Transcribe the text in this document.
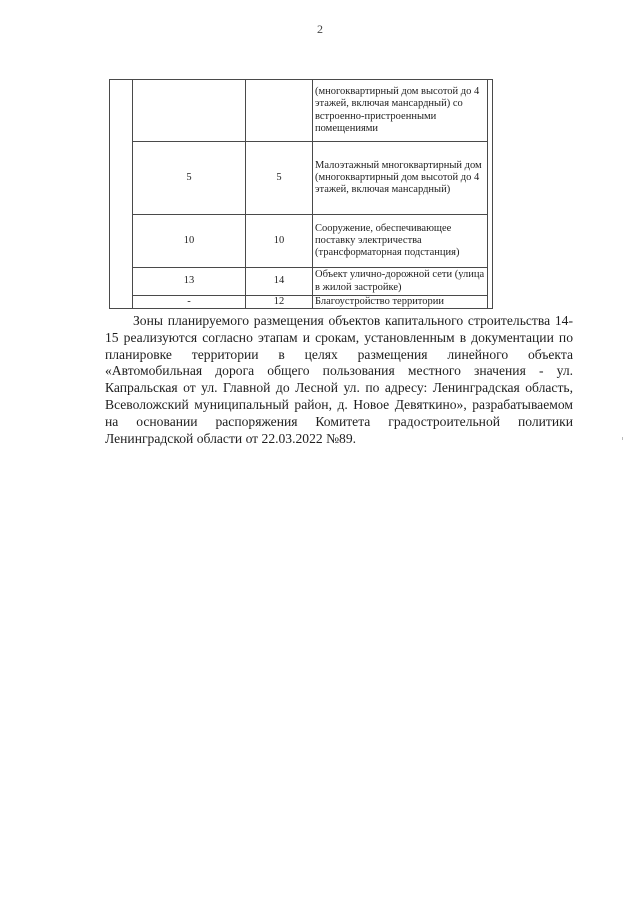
2
			(многоквартирный дом высотой до 4 этажей, включая мансардный) со встроенно-пристроенными помещениями	
	5	5	Малоэтажный многоквартирный дом (многоквартирный дом высотой до 4 этажей, включая мансардный)	
	10	10	Сооружение, обеспечивающее поставку электричества (трансформаторная подстанция)	
	13	14	Объект улично-дорожной сети (улица в жилой застройке)	
	-	12	Благоустройство территории	

Зоны планируемого размещения объектов капитального строительства 14-15 реализуются согласно этапам и срокам, установленным в документации по планировке территории в целях размещения линейного объекта «Автомобильная дорога общего пользования местного значения - ул. Капральская от ул. Главной до Лесной ул. по адресу: Ленинградская область, Всеволожский муниципальный район, д. Новое Девяткино», разрабатываемом на основании распоряжения Комитета градостроительной политики Ленинградской области от 22.03.2022 №89.
